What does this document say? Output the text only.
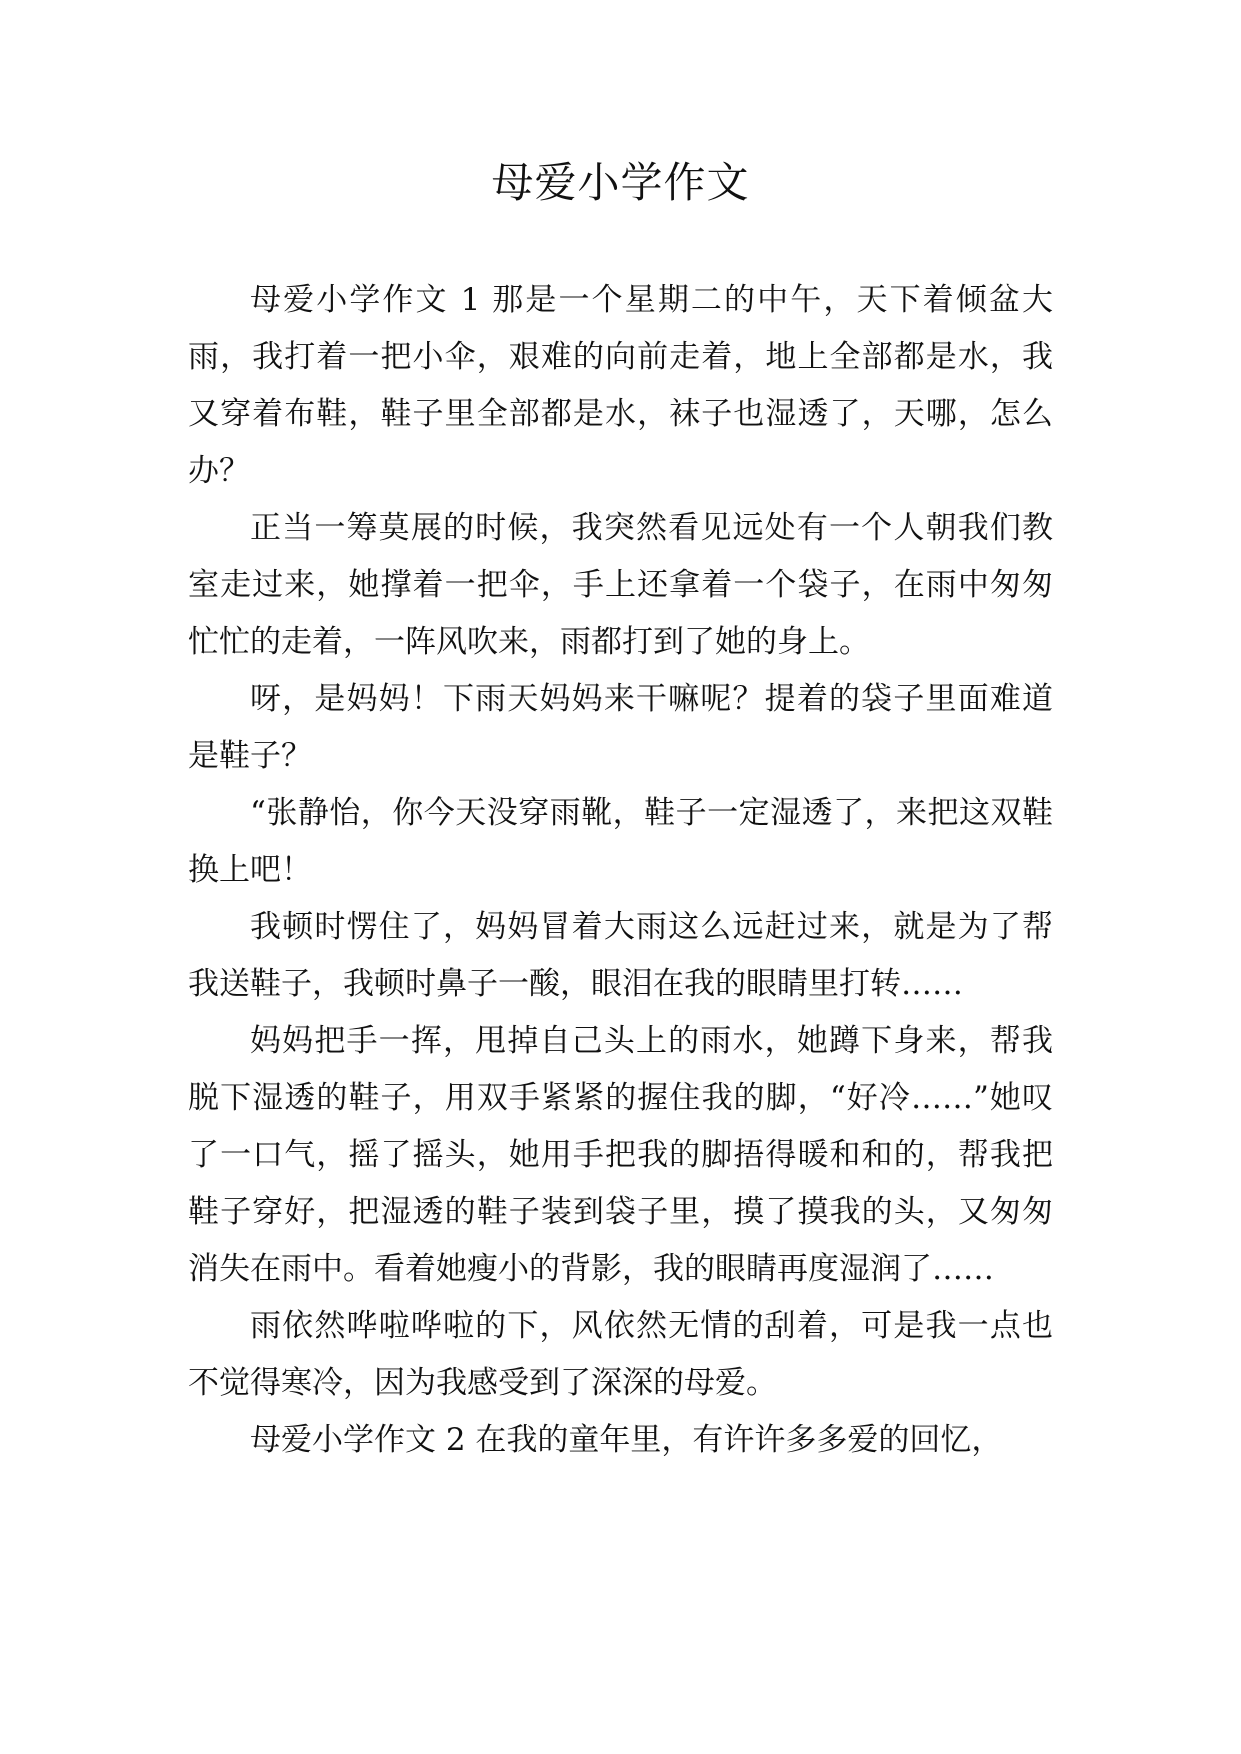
母爱小学作文

母爱小学作文 1 那是一个星期二的中午，天下着倾盆大雨，我打着一把小伞，艰难的向前走着，地上全部都是水，我又穿着布鞋，鞋子里全部都是水，袜子也湿透了，天哪，怎么办？

正当一筹莫展的时候，我突然看见远处有一个人朝我们教室走过来，她撑着一把伞，手上还拿着一个袋子，在雨中匆匆忙忙的走着，一阵风吹来，雨都打到了她的身上。

呀，是妈妈！下雨天妈妈来干嘛呢？提着的袋子里面难道是鞋子？

“张静怡，你今天没穿雨靴，鞋子一定湿透了，来把这双鞋换上吧！

我顿时愣住了，妈妈冒着大雨这么远赶过来，就是为了帮我送鞋子，我顿时鼻子一酸，眼泪在我的眼睛里打转……

妈妈把手一挥，甩掉自己头上的雨水，她蹲下身来，帮我脱下湿透的鞋子，用双手紧紧的握住我的脚，“好冷……”她叹了一口气，摇了摇头，她用手把我的脚捂得暖和和的，帮我把鞋子穿好，把湿透的鞋子装到袋子里，摸了摸我的头，又匆匆消失在雨中。看着她瘦小的背影，我的眼睛再度湿润了……

雨依然哗啦哗啦的下，风依然无情的刮着，可是我一点也不觉得寒冷，因为我感受到了深深的母爱。

母爱小学作文 2 在我的童年里，有许许多多爱的回忆，
